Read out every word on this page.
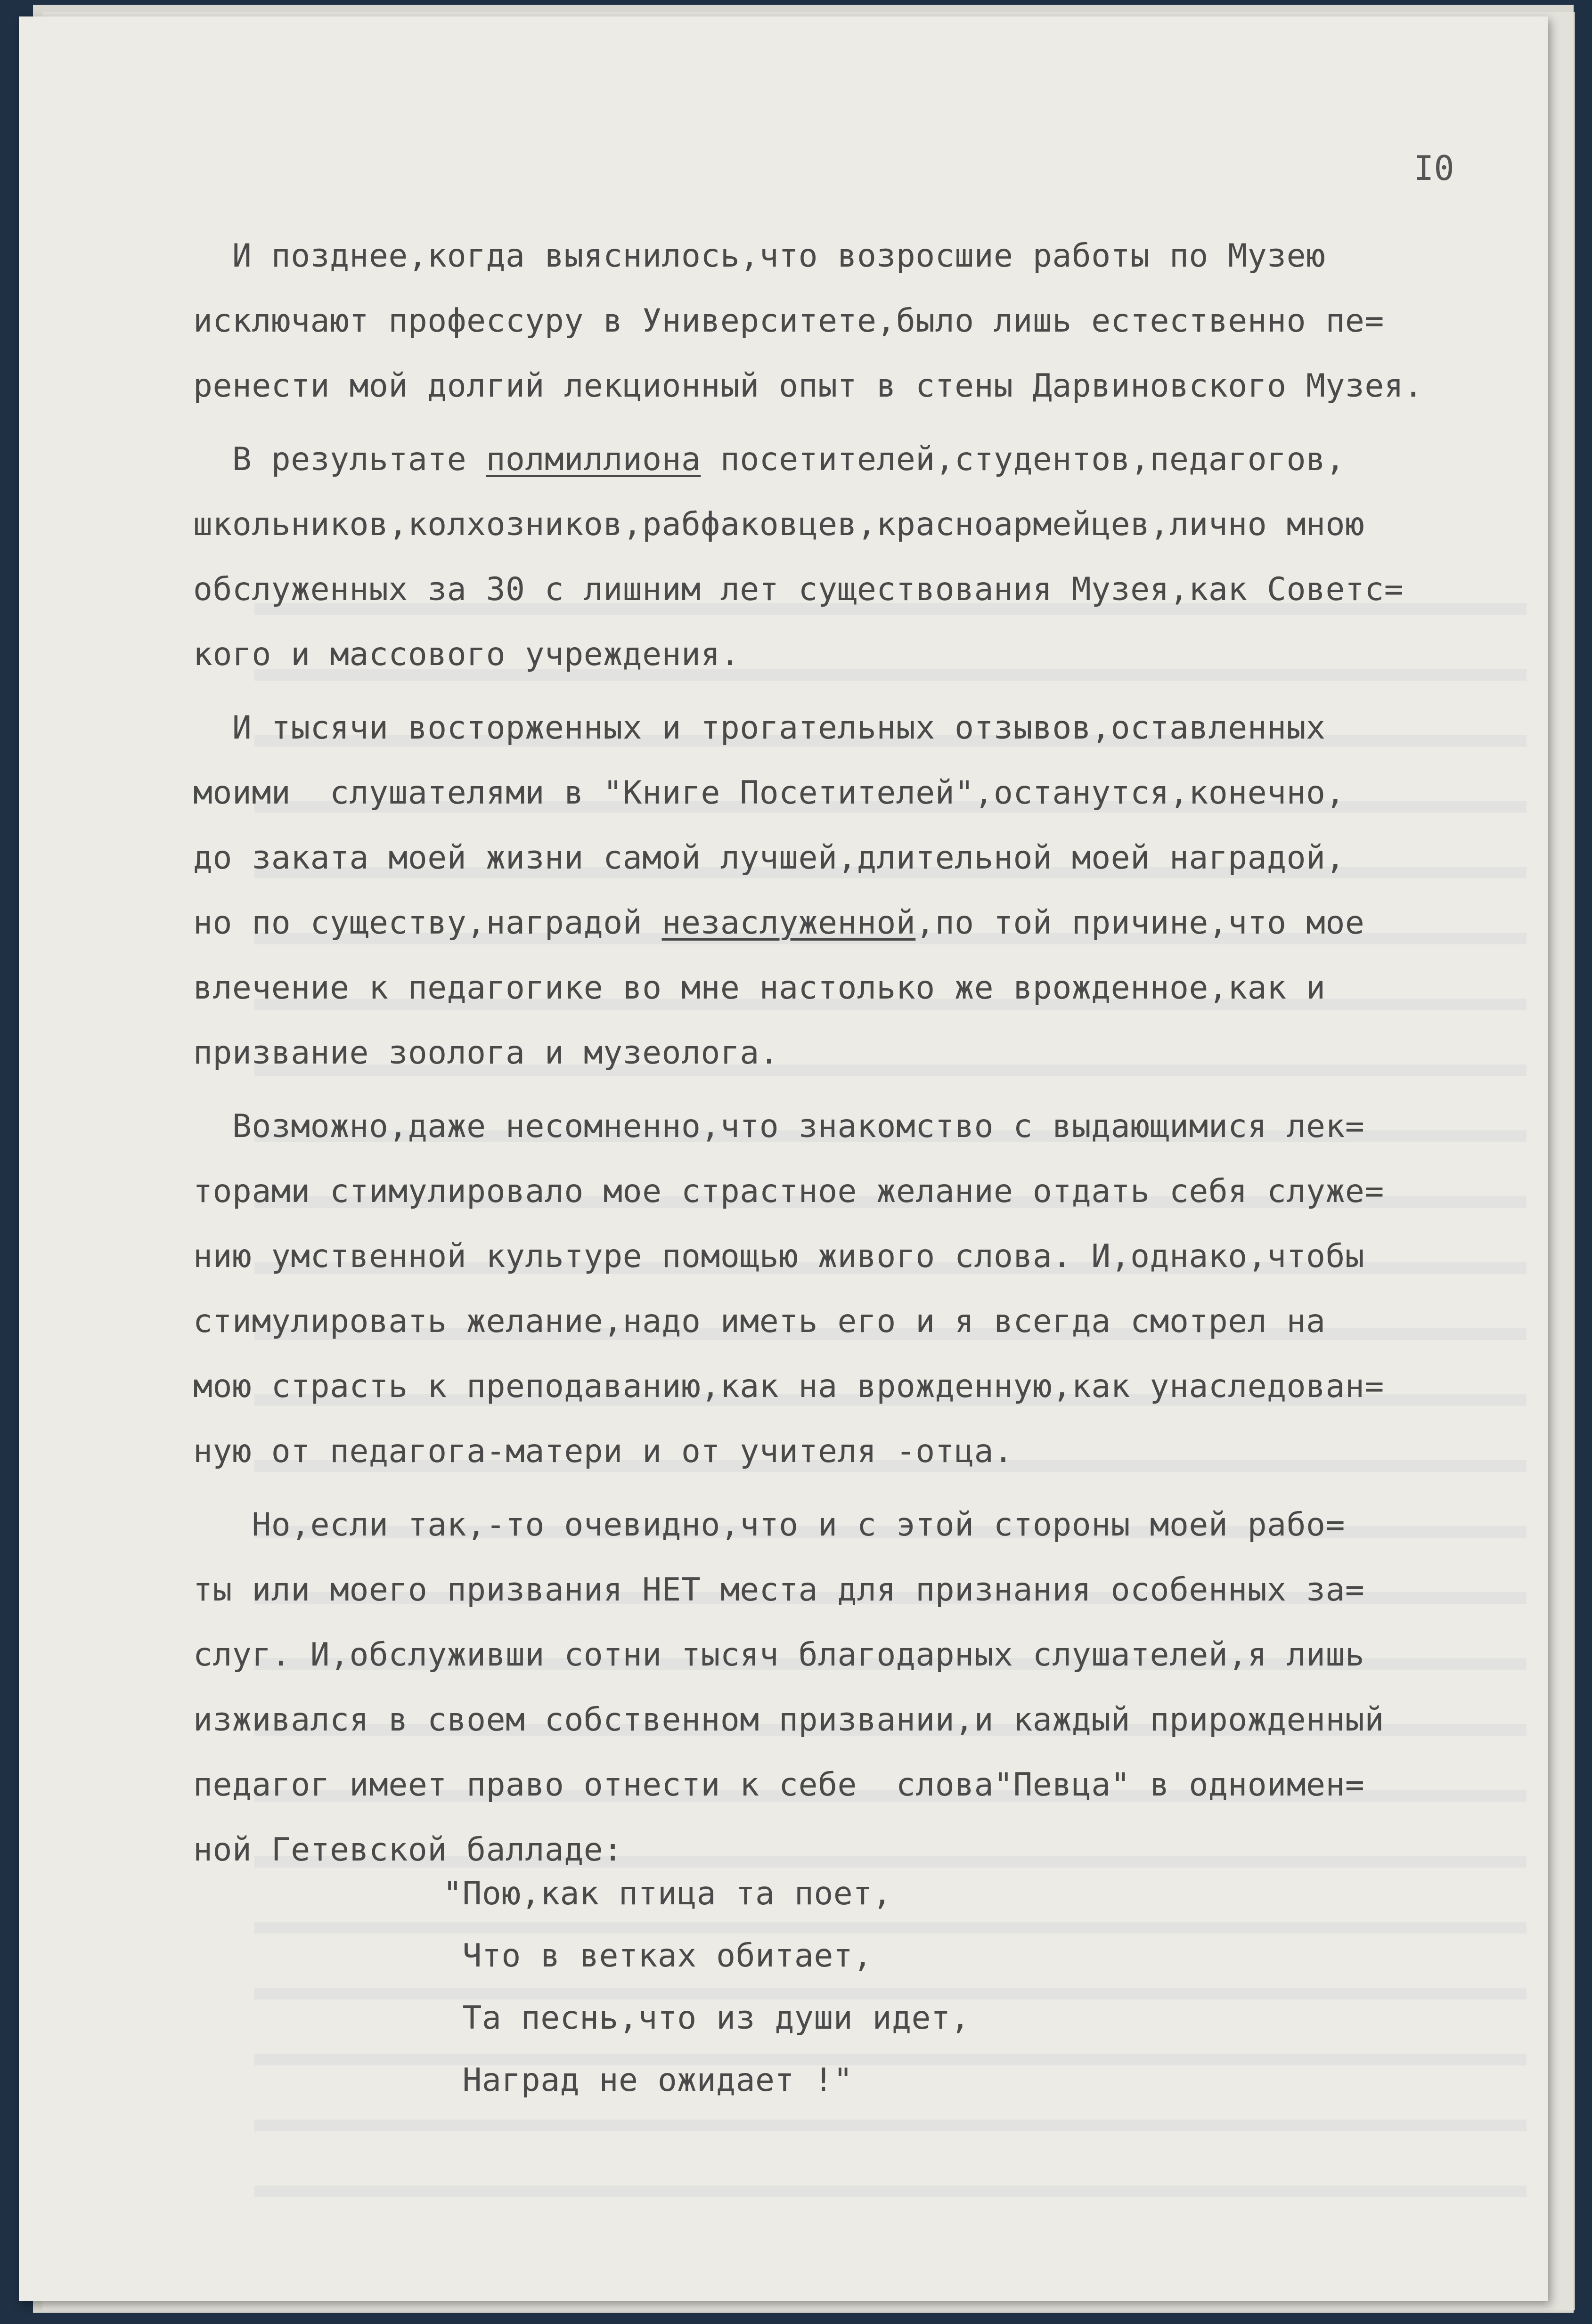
I0
И позднее,когда выяснилось,что возросшие работы по Музею
исключают профессуру в Университете,было лишь естественно пе=
ренести мой долгий лекционный опыт в стены Дарвиновского Музея.
В результате полмиллиона посетителей,студентов,педагогов,
школьников,колхозников,рабфаковцев,красноармейцев,лично мною
обслуженных за 30 с лишним лет существования Музея,как Советс=
кого и массового учреждения.
И тысячи восторженных и трогательных отзывов,оставленных
моими  слушателями в "Книге Посетителей",останутся,конечно,
до заката моей жизни самой лучшей,длительной моей наградой,
но по существу,наградой незаслуженной,по той причине,что мое
влечение к педагогике во мне настолько же врожденное,как и
призвание зоолога и музеолога.
Возможно,даже несомненно,что знакомство с выдающимися лек=
торами стимулировало мое страстное желание отдать себя служе=
нию умственной культуре помощью живого слова. И,однако,чтобы
стимулировать желание,надо иметь его и я всегда смотрел на
мою страсть к преподаванию,как на врожденную,как унаследован=
ную от педагога-матери и от учителя -отца.
Но,если так,-то очевидно,что и с этой стороны моей рабо=
ты или моего призвания НЕТ места для признания особенных за=
слуг. И,обслуживши сотни тысяч благодарных слушателей,я лишь
изживался в своем собственном призвании,и каждый прирожденный
педагог имеет право отнести к себе  слова"Певца" в одноимен=
ной Гетевской балладе:
"Пою,как птица та поет,
Что в ветках обитает,
Та песнь,что из души идет,
Наград не ожидает !"
